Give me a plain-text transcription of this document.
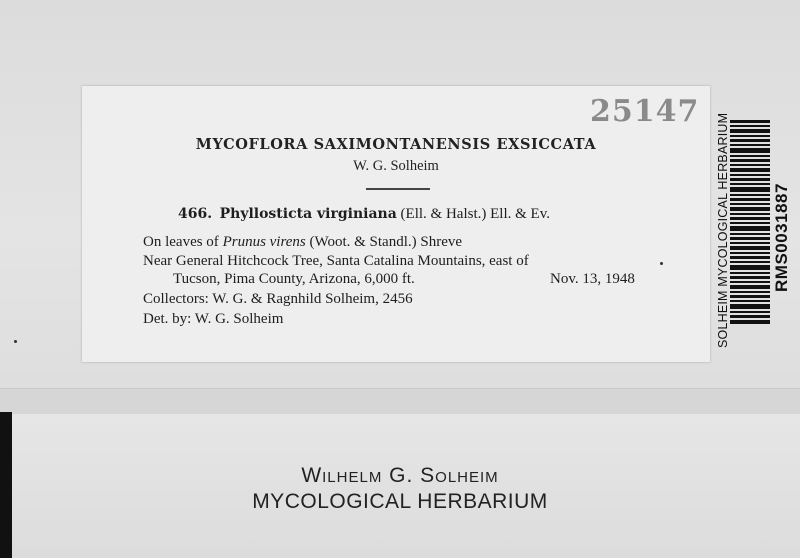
25147
MYCOFLORA SAXIMONTANENSIS EXSICCATA
W. G. Solheim
466. Phyllosticta virginiana (Ell. & Halst.) Ell. & Ev.
On leaves of Prunus virens (Woot. & Standl.) Shreve
Near General Hitchcock Tree, Santa Catalina Mountains, east of
Tucson, Pima County, Arizona, 6,000 ft.	Nov. 13, 1948
Collectors: W. G. & Ragnhild Solheim, 2456
Det. by: W. G. Solheim	SOLHEIM MYCOLOGICAL HERBARIUM RMS0031887
Wilhelm G. Solheim
MYCOLOGICAL HERBARIUM
